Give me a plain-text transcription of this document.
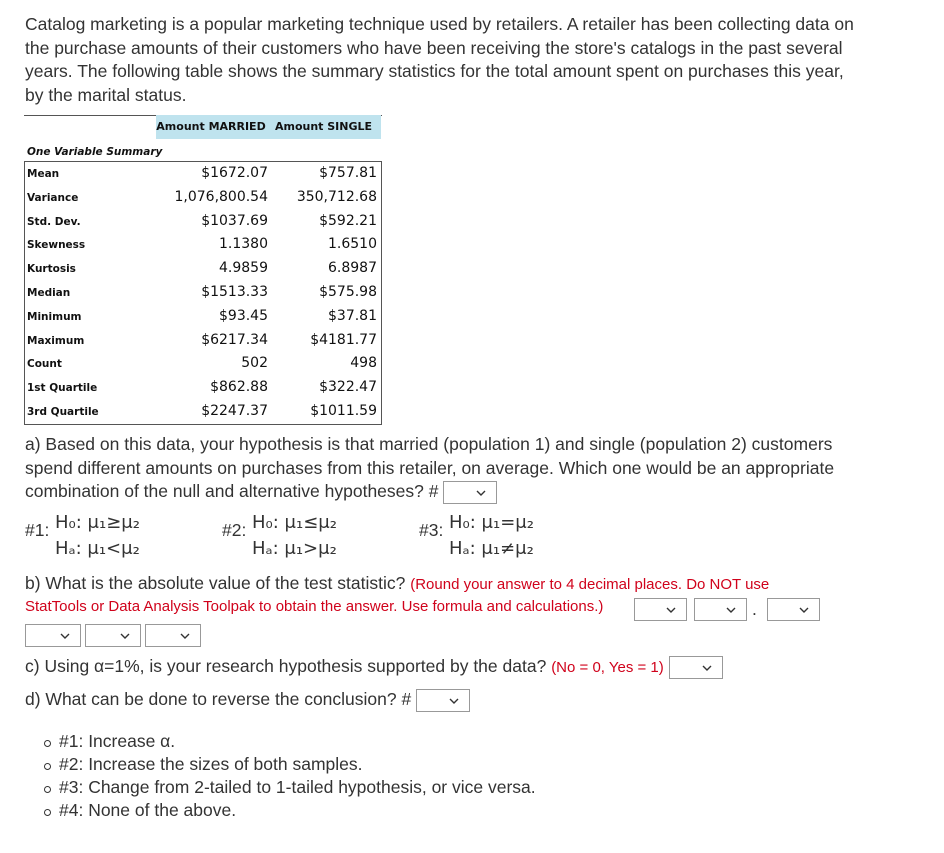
Catalog marketing is a popular marketing technique used by retailers. A retailer has been collecting data on the purchase amounts of their customers who have been receiving the store's catalogs in the past several years. The following table shows the summary statistics for the total amount spent on purchases this year, by the marital status.
Amount MARRIED Amount SINGLE
One Variable Summary
Mean	$1672.07	$757.81
Variance	1,076,800.54 350,712.68
Std. Dev.	$1037.69	$592.21
Skewness	1.1380	1.6510
Kurtosis	4.9859	6.8987
Median	$1513.33	$575.98
Minimum	$93.45	$37.81
Maximum	$6217.34	$4181.77
Count	502	498
1st Quartile	$862.88	$322.47
3rd Quartile	$2247.37	$1011.59
a) Based on this data, your hypothesis is that married (population 1) and single (population 2) customers spend different amounts on purchases from this retailer, on average. Which one would be an appropriate combination of the null and alternative hypotheses? #
#1: H₀: μ₁≥μ₂
Hₐ: μ₁<μ₂
#2: H₀: μ₁≤μ₂
Hₐ: μ₁>μ₂
#3: H₀: μ₁=μ₂
Hₐ: μ₁≠μ₂
b) What is the absolute value of the test statistic? (Round your answer to 4 decimal places. Do NOT use
StatTools or Data Analysis Toolpak to obtain the answer. Use formula and calculations.)	.
c) Using α=1%, is your research hypothesis supported by the data? (No = 0, Yes = 1)
d) What can be done to reverse the conclusion? #
#1: Increase α.
#2: Increase the sizes of both samples.
#3: Change from 2-tailed to 1-tailed hypothesis, or vice versa.
#4: None of the above.
